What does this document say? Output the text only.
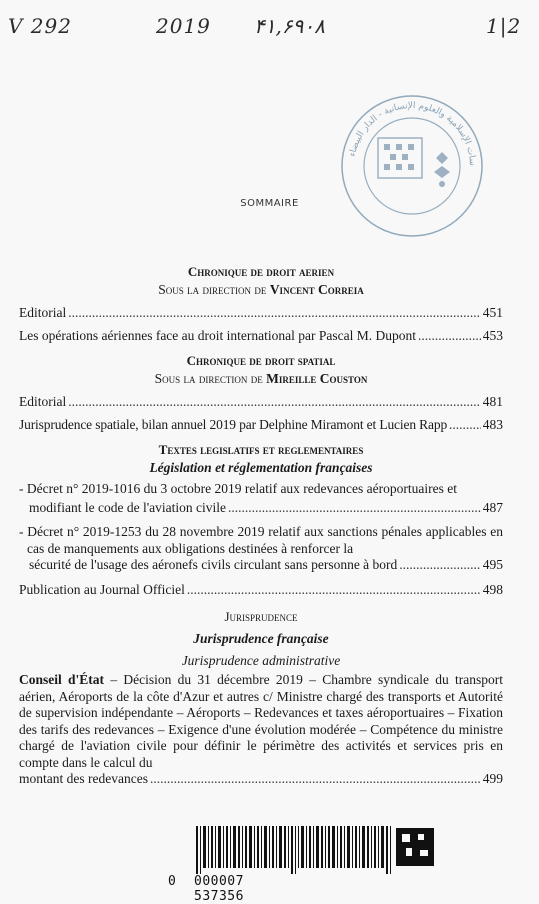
V 292	2019 ۴۱,۶۹۰۸	1|2
سات الإسلامية والعلوم الإنسانية - الدار البيضاء
SOMMAIRE

Chronique de droit aerien

Sous la direction de Vincent Correia

Editorial .....	451
Les opérations aériennes face au droit international par Pascal M. Dupont .....	453

Chronique de droit spatial

Sous la direction de Mireille Couston

Editorial .....	481
Jurisprudence spatiale, bilan annuel 2019 par Delphine Miramont et Lucien Rapp .....	483

Textes legislatifs et reglementaires

Législation et réglementation françaises

- Décret n° 2019-1016 du 3 octobre 2019 relatif aux redevances aéroportuaires et
modifiant le code de l'aviation civile .....	487
- Décret n° 2019-1253 du 28 novembre 2019 relatif aux sanctions pénales applicables en cas de manquements aux obligations destinées à renforcer la
sécurité de l'usage des aéronefs civils circulant sans personne à bord .....	495
Publication au Journal Officiel .....	498

Jurisprudence

Jurisprudence française

Jurisprudence administrative

Conseil d'État – Décision du 31 décembre 2019 – Chambre syndicale du transport aérien, Aéroports de la côte d'Azur et autres c/ Ministre chargé des transports et Autorité de supervision indépendante – Aéroports – Redevances et taxes aéroportuaires – Fixation des tarifs des redevances – Exigence d'une évolution modérée – Compétence du ministre chargé de l'aviation civile pour définir le périmètre des activités et services pris en compte dans le calcul du
montant des redevances .....	499
0 000007 537356
